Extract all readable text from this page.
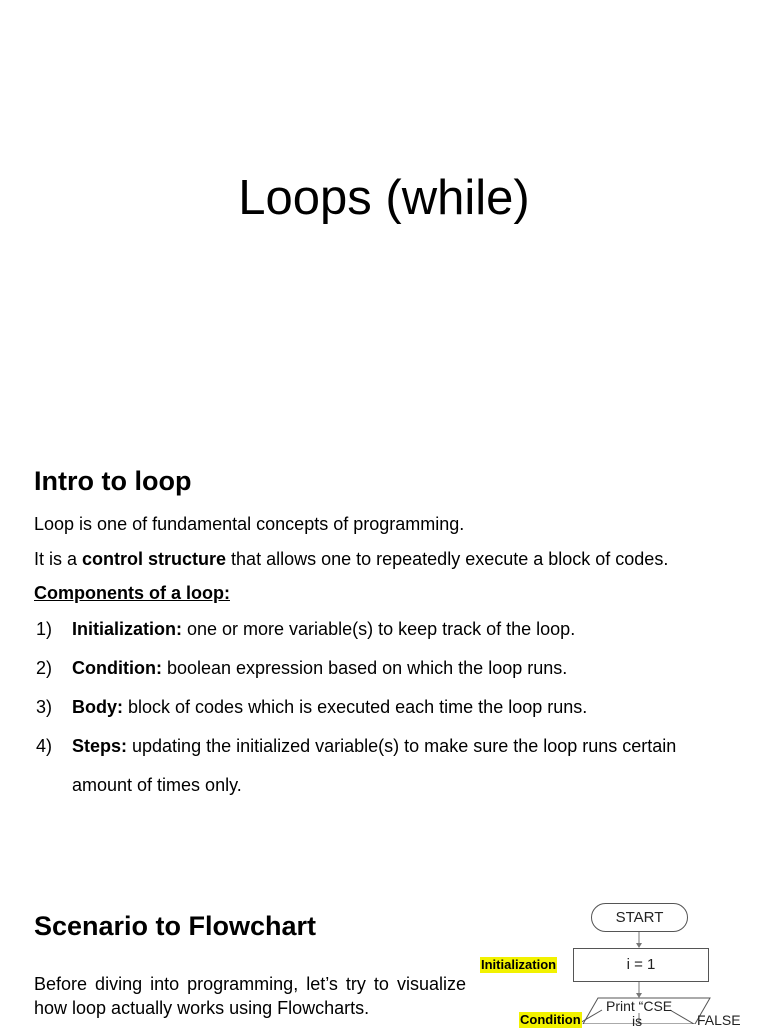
Loops (while)
Intro to loop
Loop is one of fundamental concepts of programming.
It is a control structure that allows one to repeatedly execute a block of codes.
Components of a loop:
1) Initialization: one or more variable(s) to keep track of the loop.
2) Condition: boolean expression based on which the loop runs.
3) Body: block of codes which is executed each time the loop runs.
4) Steps: updating the initialized variable(s) to make sure the loop runs certain
amount of times only.
Scenario to Flowchart
Before diving into programming, let’s try to visualize how loop actually works using Flowcharts.
START
Initialization	i = 1
Print “CSE
is
Condition	FALSE
